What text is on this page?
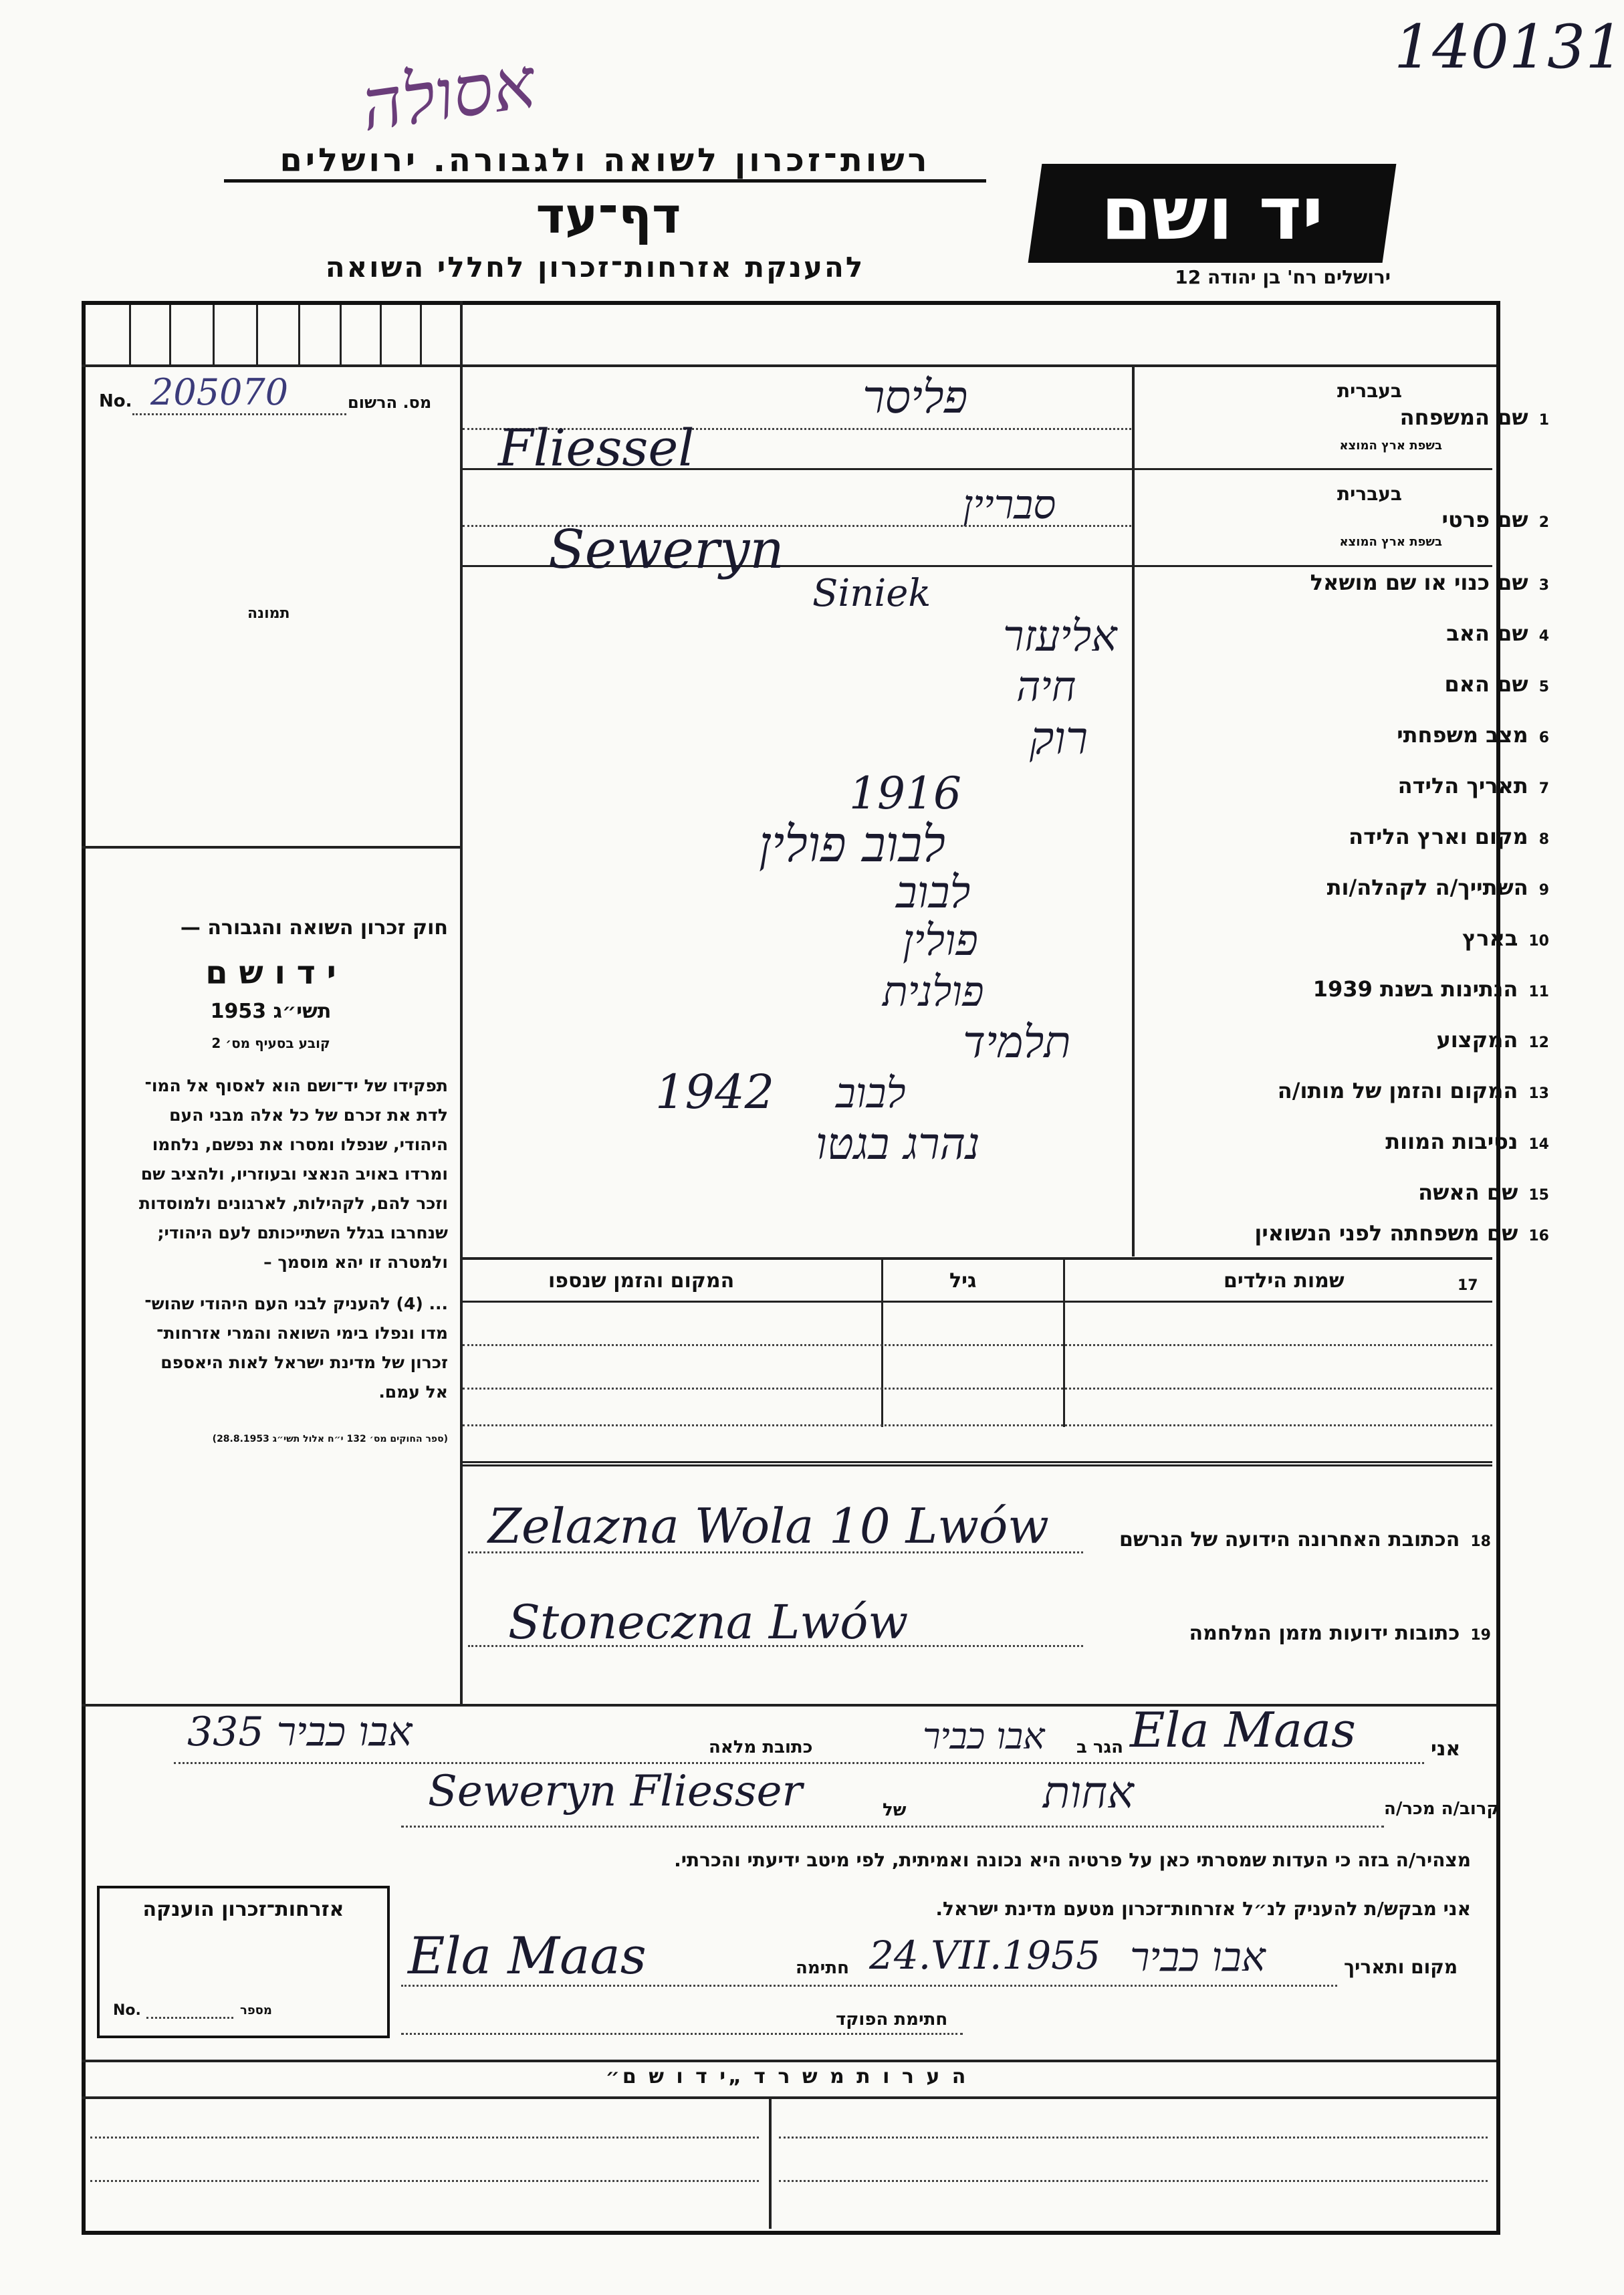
140131
אסולה
רשות־זכרון לשואה ולגבורה. ירושלים
דף־עד
להענקת אזרחות־זכרון לחללי השואה
יד ושם
ירושלים רח' בן יהודה 12
No. 205070	מס. הרשום
תמונה
חוק זכרון השואה והגבורה —
י ד ו ש ם
תשי״ג 1953
קובע בסעיף מס׳ 2
תפקידו של יד־ושם הוא לאסוף אל המו־
לדת את זכרם של כל אלה מבני העם
היהודי, שנפלו ומסרו את נפשם, נלחמו
ומרדו באויב הנאצי ובעוזריו, ולהציב שם
וזכר להם, לקהילות, לארגונים ולמוסדות
שנחרבו בגלל השתייכותם לעם היהודי;
ולמטרה זו יהא מוסמך –
... (4) להעניק לבני העם היהודי שהוש־
מדו ונפלו בימי השואה והמרי אזרחות־
זכרון של מדינת ישראל לאות היאספם
אל עמם.
(ספר החוקים מס׳ 132 י״ח אלול תשי״ג 28.8.1953)
1שם המשפחה
בעברית
בשפת ארץ המוצא
פליסר
Fliessel
2שם פרטי
בעברית
בשפת ארץ המוצא
סבריין
Seweryn
3שם כנוי או שם מושאל
Siniek
4שם האב
אליעזר
5שם האם
חיה
6מצב משפחתי
רוק
7תאריך הלידה
1916
8מקום וארץ הלידה
לבוב פולין
9השתייך/ה לקהלה/ות
לבוב
10בארץ
פולין
11הנתינות בשנת 1939
פולנית
12המקצוע
תלמיד
13המקום והזמן של מותו/ה
לבוב
1942
14נסיבות המוות
נהרג בגטו
15שם האשה
16שם משפחתה לפני הנשואין
17
שמות הילדים
גיל
המקום והזמן שנספו
18הכתובת האחרונה הידועה של הנרשם
Zelazna Wola 10 Lwów
19כתובות ידועות מזמן המלחמה
Stoneczna Lwów
אני
Ela Maas
הגר ב
אבו כביר
כתובת מלאה
אבו כביר 335
קרוב/ה מכר/ה
אחות
של
Seweryn Fliesser
מצהיר/ה בזה כי העדות שמסרתי כאן על פרטיה היא נכונה ואמיתית, לפי מיטב ידיעתי והכרתי.
אני מבקש/ת להעניק לנ״ל אזרחות־זכרון מטעם מדינת ישראל.
מקום ותאריך
אבו כביר
24.VII.1955
חתימה
Ela Maas
חתימת הפוקד
אזרחות־זכרון הוענקה
No.	מספר
ה ע ר ו ת מ ש ר ד „י ד ו ש ם״
